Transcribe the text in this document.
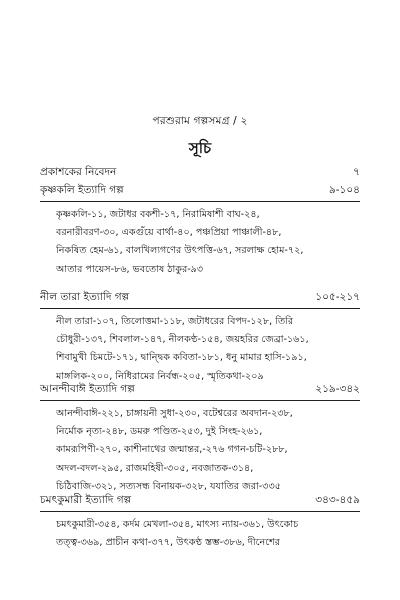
পরশুরাম গল্পসমগ্র / ২
সূচি
প্রকাশকের নিবেদন	৭
কৃষ্ণকলি ইত্যাদি গল্প	৯-১০৪

কৃষ্ণকলি-১১, জটাধর বকশী-১৭, নিরামিষাশী বাঘ-২৪,

বরনারীবরণ-৩০, একগুঁয়ে বার্থা-৪০, পঞ্চপ্রিয়া পাঞ্চালী-৪৮,

নিকষিত হেম-৬১, বালখিল্যগণের উৎপত্তি-৬৭, সরলাক্ষ হোম-৭২,

আতার পায়েস-৮৬, ভবতোষ ঠাকুর-৯৩

নীল তারা ইত্যাদি গল্প	১০৫-২১৭

নীল তারা-১০৭, তিলোত্তমা-১১৮, জটাধরের বিপদ-১২৮, তিরি

চৌধুরী-১৩৭, শিবলাল-১৪৭, নীলকণ্ঠ-১৫৪, জয়হরির জেব্রা-১৬১,

শিবামুখী চিমটে-১৭১, দ্বান্দ্বিক কবিতা-১৮১, ধনু মামার হাসি-১৯১,

মাঙ্গলিক-২০০, নিধিরামের নির্বন্ধ-২০৫, স্মৃতিকথা-২০৯

আনন্দীবাঈ ইত্যাদি গল্প	২১৯-৩৪২

আনন্দীবাঈ-২২১, চাঙ্গায়নী সুধা-২৩০, বটেশ্বরের অবদান-২৩৮,

নির্মোক নৃত্য-২৪৮, ডমরু পণ্ডিত-২৫৩, দুই সিংহ-২৬১,

কামরূপিণী-২৭০, কাশীনাথের জন্মান্তর,-২৭৬ গগন-চটি-২৮৮,

অদল-বদল-২৯৫, রাজমহিষী-৩০৫, নবজাতক-৩১৪,

চিঠিবাজি-৩২১, সত্যসন্ধ বিনায়ক-৩২৮, যযাতির জরা-৩৩৫

চমৎকুমারী ইত্যাদি গল্প	৩৪৩-৪৫৯

চমৎকুমারী-৩৫৪, কর্দম মেখলা-৩৫৪, মাৎস্য ন্যায়-৩৬১, উৎকোচ

তত্ত্ব-৩৬৯, প্রাচীন কথা-৩৭৭, উৎকণ্ঠ স্তম্ভ-৩৮৬, দীনেশের
